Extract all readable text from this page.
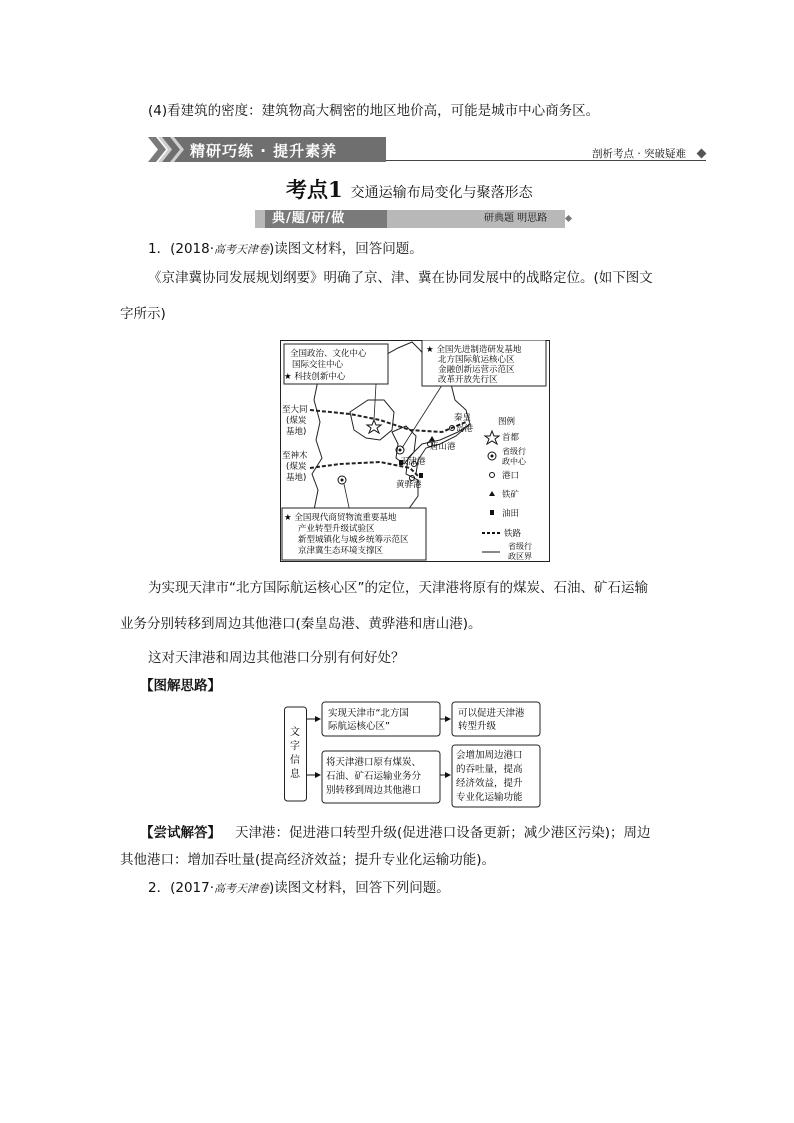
(4)看建筑的密度：建筑物高大稠密的地区地价高，可能是城市中心商务区。
精研巧练 · 提升素养	剖析考点 · 突破疑难
考点1 交通运输布局变化与聚落形态
典/题/研/做	研典题 明思路
1．(2018·高考天津卷)读图文材料，回答问题。
《京津冀协同发展规划纲要》明确了京、津、冀在协同发展中的战略定位。(如下图文
字所示)
全国政治、文化中心
国际交往中心
★ 科技创新中心
★ 全国先进制造研发基地
北方国际航运核心区
金融创新运营示范区
改革开放先行区
★ 全国现代商贸物流重要基地
产业转型升级试验区
新型城镇化与城乡统筹示范区
京津冀生态环境支撑区
至大同
(煤炭
基地)
至神木
(煤炭
基地)
秦皇
岛港
唐山港
天津港
黄骅港
图例
首都
省级行
政中心
港口
铁矿
油田
铁路
省级行
政区界
为实现天津市“北方国际航运核心区”的定位，天津港将原有的煤炭、石油、矿石运输
业务分别转移到周边其他港口(秦皇岛港、黄骅港和唐山港)。
这对天津港和周边其他港口分别有何好处？
【图解思路】
文
字
信
息
实现天津市“北方国
际航运核心区”
可以促进天津港
转型升级
将天津港口原有煤炭、
石油、矿石运输业务分
别转移到周边其他港口
会增加周边港口
的吞吐量，提高
经济效益，提升
专业化运输功能
【尝试解答】 天津港：促进港口转型升级(促进港口设备更新；减少港区污染)；周边
其他港口：增加吞吐量(提高经济效益；提升专业化运输功能)。
2．(2017·高考天津卷)读图文材料，回答下列问题。
